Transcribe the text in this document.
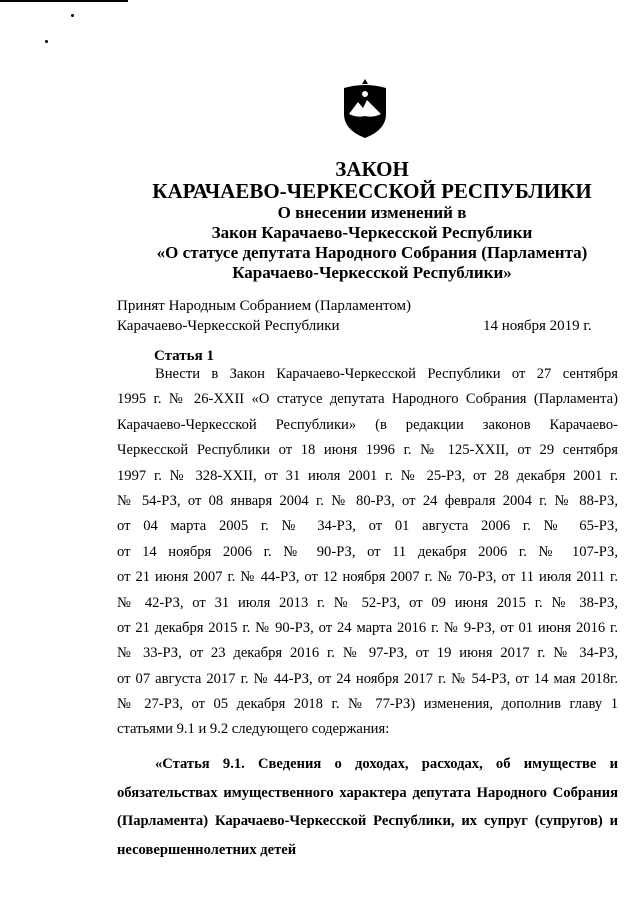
ЗАКОН
КАРАЧАЕВО-ЧЕРКЕССКОЙ РЕСПУБЛИКИ
О внесении изменений в
Закон Карачаево-Черкесской Республики
«О статусе депутата Народного Собрания (Парламента)
Карачаево-Черкесской Республики»
Принят Народным Собранием (Парламентом)
Карачаево-Черкесской Республики	14 ноября 2019 г.
Статья 1
Внести в Закон Карачаево-Черкесской Республики от 27 сентября
1995 г. № 26-XXII «О статусе депутата Народного Собрания (Парламента)
Карачаево-Черкесской Республики» (в редакции законов Карачаево-
Черкесской Республики от 18 июня 1996 г. № 125-XXII, от 29 сентября
1997 г. № 328-XXII, от 31 июля 2001 г. № 25-РЗ, от 28 декабря 2001 г.
№ 54-РЗ, от 08 января 2004 г. № 80-РЗ, от 24 февраля 2004 г. № 88-РЗ,
от 04 марта 2005 г. № 34-РЗ, от 01 августа 2006 г. № 65-РЗ,
от 14 ноября 2006 г. № 90-РЗ, от 11 декабря 2006 г. № 107-РЗ,
от 21 июня 2007 г. № 44-РЗ, от 12 ноября 2007 г. № 70-РЗ, от 11 июля 2011 г.
№ 42-РЗ, от 31 июля 2013 г. № 52-РЗ, от 09 июня 2015 г. № 38-РЗ,
от 21 декабря 2015 г. № 90-РЗ, от 24 марта 2016 г. № 9-РЗ, от 01 июня 2016 г.
№ 33-РЗ, от 23 декабря 2016 г. № 97-РЗ, от 19 июня 2017 г. № 34-РЗ,
от 07 августа 2017 г. № 44-РЗ, от 24 ноября 2017 г. № 54-РЗ, от 14 мая 2018г.
№ 27-РЗ, от 05 декабря 2018 г. № 77-РЗ) изменения, дополнив главу 1
статьями 9.1 и 9.2 следующего содержания:
«Статья 9.1. Сведения о доходах, расходах, об имуществе и
обязательствах имущественного характера депутата Народного Собрания
(Парламента) Карачаево-Черкесской Республики, их супруг (супругов) и
несовершеннолетних детей
